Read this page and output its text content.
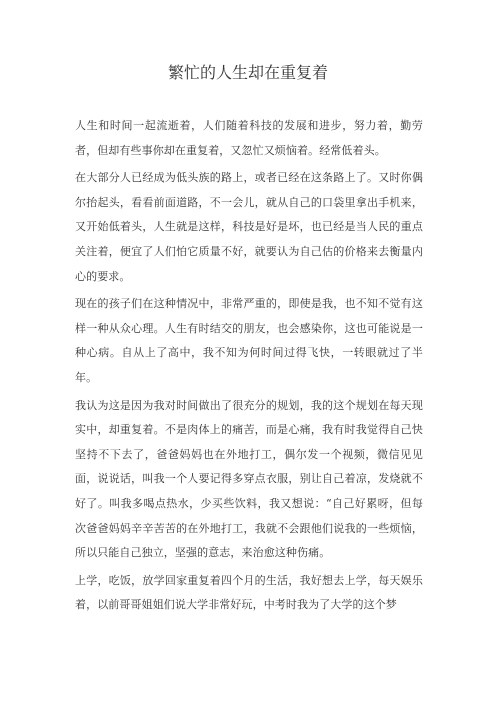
繁忙的人生却在重复着

人生和时间一起流逝着，人们随着科技的发展和进步，努力着，勤劳者，但却有些事你却在重复着，又忽忙又烦恼着。经常低着头。

在大部分人已经成为低头族的路上，或者已经在这条路上了。又时你偶尔抬起头，看看前面道路，不一会儿，就从自己的口袋里拿出手机来，又开始低着头，人生就是这样，科技是好是坏，也已经是当人民的重点关注着，便宜了人们怕它质量不好，就要认为自己估的价格来去衡量内心的要求。

现在的孩子们在这种情况中，非常严重的，即使是我，也不知不觉有这样一种从众心理。人生有时结交的朋友，也会感染你，这也可能说是一种心病。自从上了高中，我不知为何时间过得飞快，一转眼就过了半年。

我认为这是因为我对时间做出了很充分的规划，我的这个规划在每天现实中，却重复着。不是肉体上的痛苦，而是心痛，我有时我觉得自己快坚持不下去了，爸爸妈妈也在外地打工，偶尔发一个视频，微信见见面，说说话，叫我一个人要记得多穿点衣服，别让自己着凉，发烧就不好了。叫我多喝点热水，少买些饮料，我又想说：“自己好累呀，但每次爸爸妈妈辛辛苦苦的在外地打工，我就不会跟他们说我的一些烦恼，所以只能自己独立，坚强的意志，来治愈这种伤痛。

上学，吃饭，放学回家重复着四个月的生活，我好想去上学，每天娱乐着，以前哥哥姐姐们说大学非常好玩，中考时我为了大学的这个梦
